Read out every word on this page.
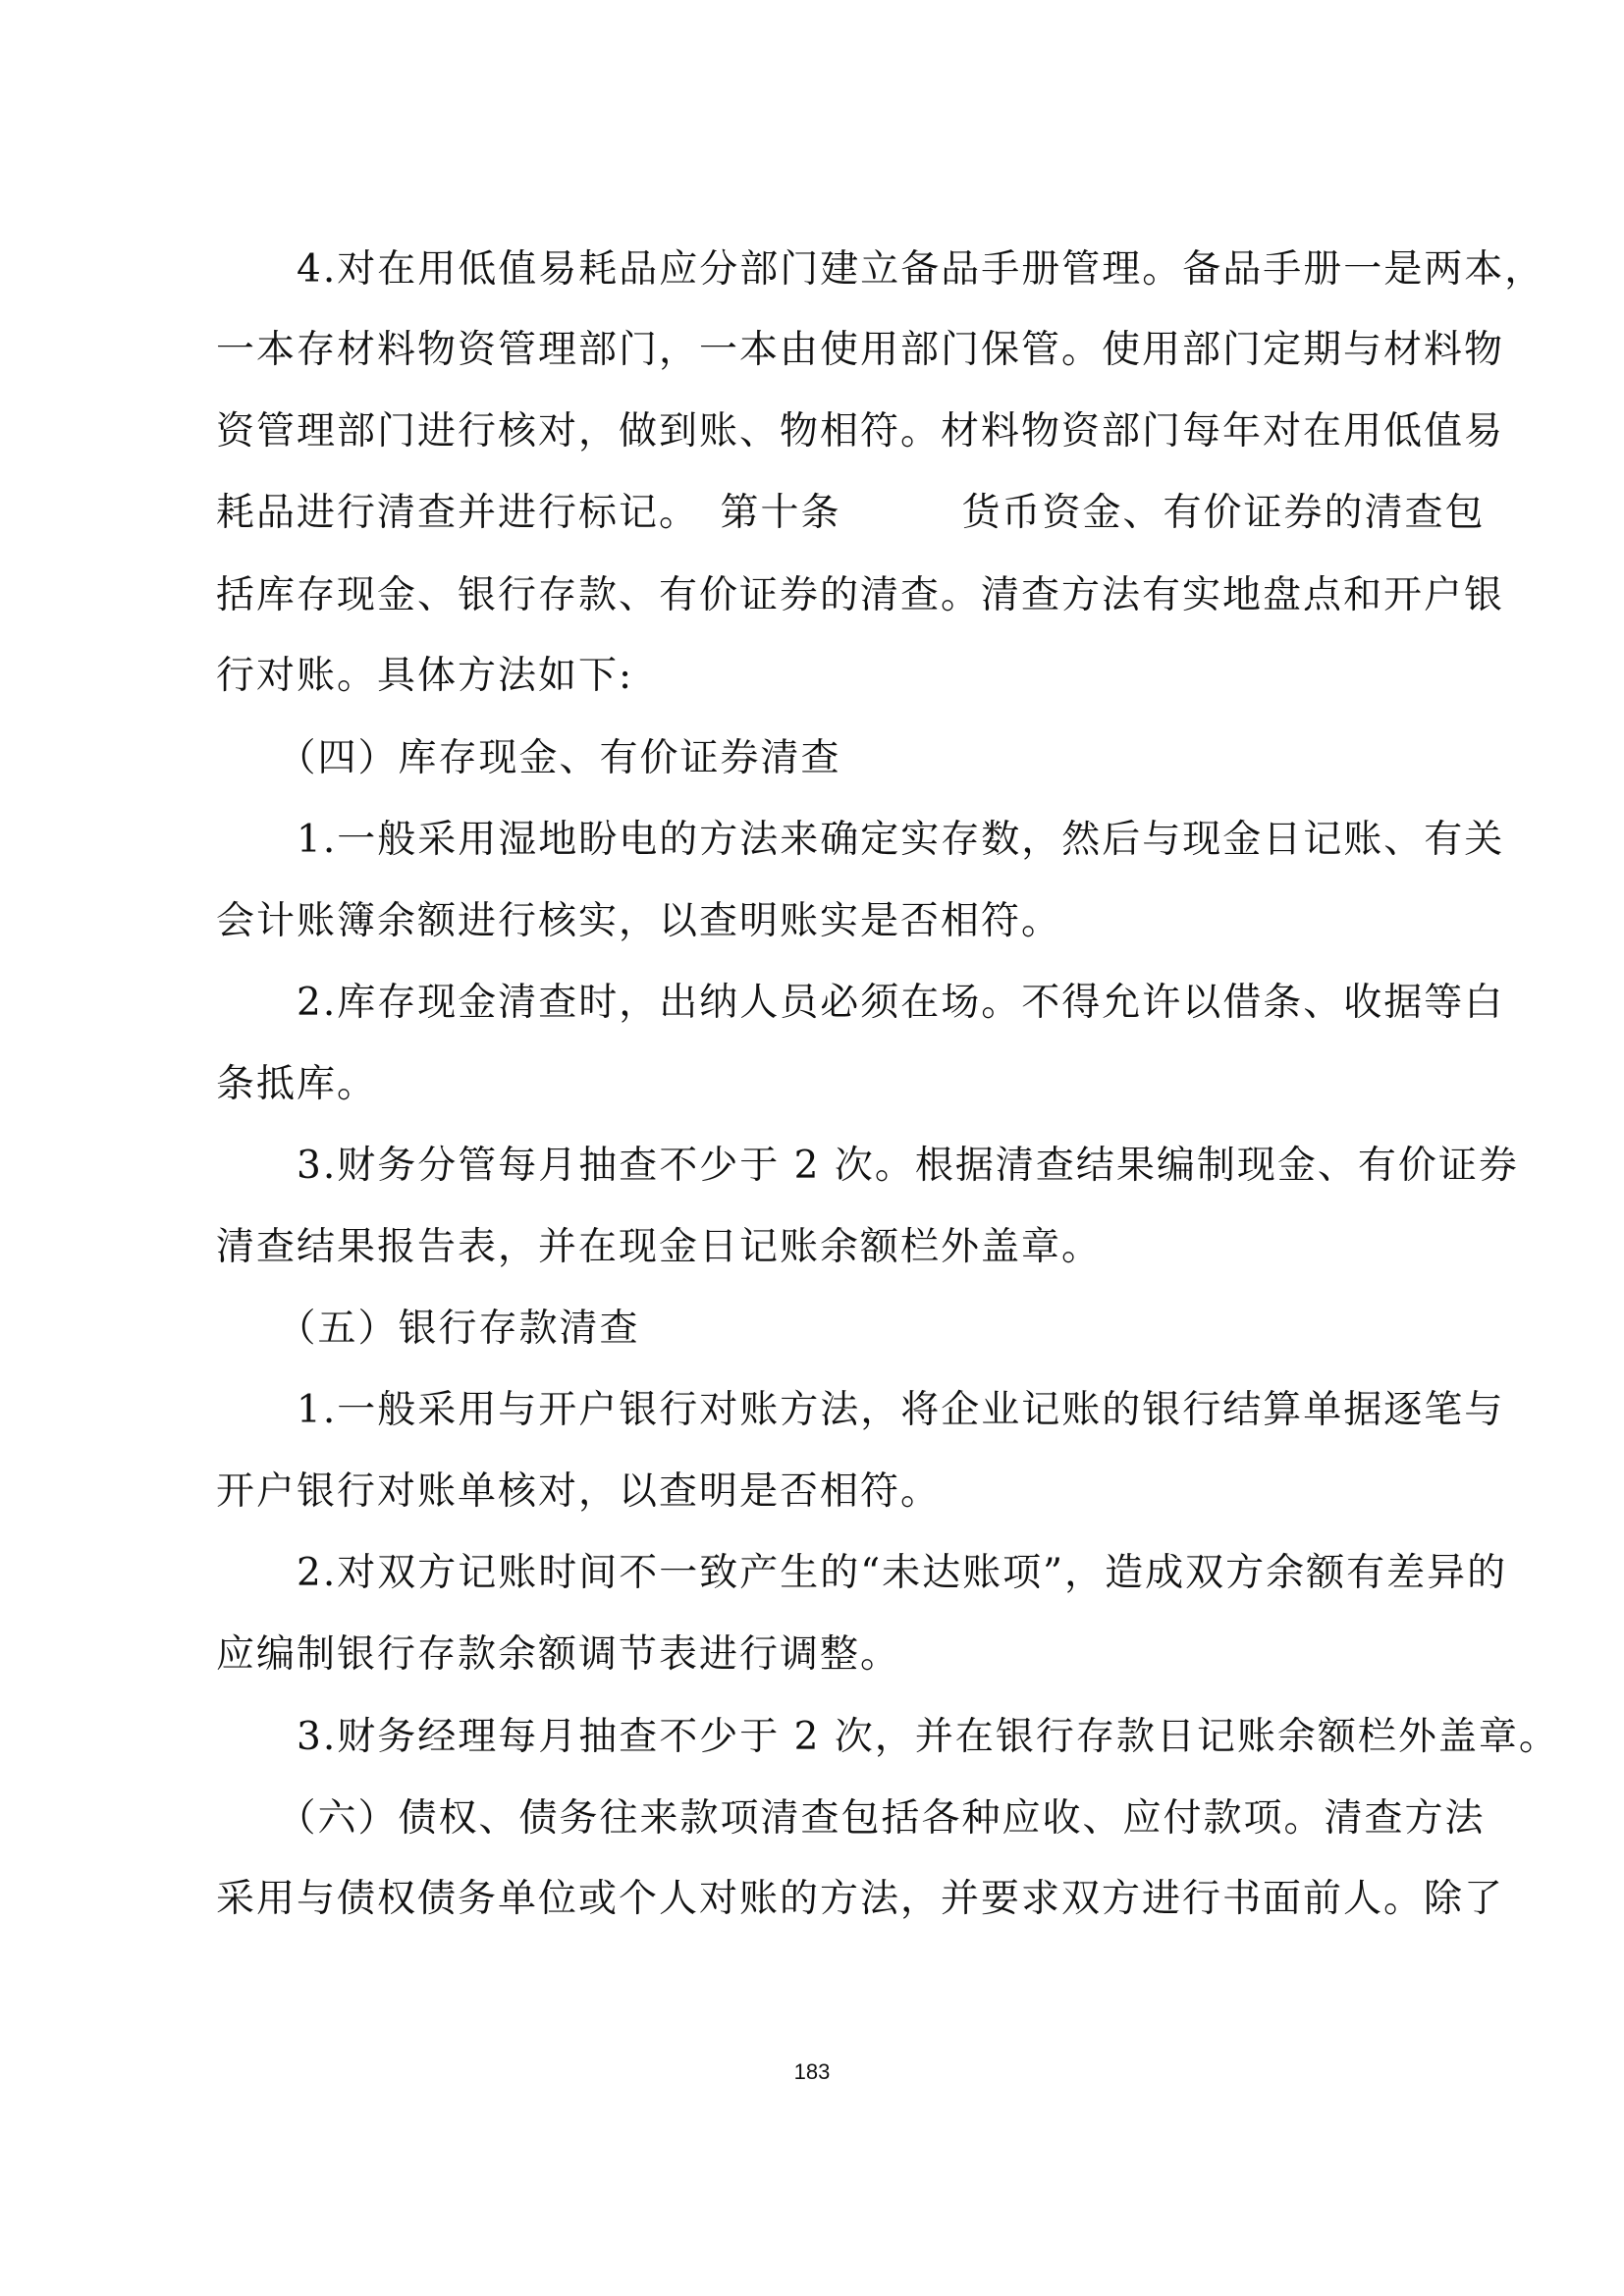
　　4.对在用低值易耗品应分部门建立备品手册管理。备品手册一是两本，
一本存材料物资管理部门，一本由使用部门保管。使用部门定期与材料物
资管理部门进行核对，做到账、物相符。材料物资部门每年对在用低值易
耗品进行清查并进行标记。　第十条　　　货币资金、有价证券的清查包
括库存现金、银行存款、有价证券的清查。清查方法有实地盘点和开户银
行对账。具体方法如下:
　　（四）库存现金、有价证券清查
　　1.一般采用湿地盼电的方法来确定实存数，然后与现金日记账、有关
会计账簿余额进行核实，以查明账实是否相符。
　　2.库存现金清查时，出纳人员必须在场。不得允许以借条、收据等白
条抵库。
　　3.财务分管每月抽查不少于 2 次。根据清查结果编制现金、有价证券
清查结果报告表，并在现金日记账余额栏外盖章。
　　（五）银行存款清查
　　1.一般采用与开户银行对账方法，将企业记账的银行结算单据逐笔与
开户银行对账单核对，以查明是否相符。
　　2.对双方记账时间不一致产生的“未达账项”，造成双方余额有差异的
应编制银行存款余额调节表进行调整。
　　3.财务经理每月抽查不少于 2 次，并在银行存款日记账余额栏外盖章。
　　（六）债权、债务往来款项清查包括各种应收、应付款项。清查方法
采用与债权债务单位或个人对账的方法，并要求双方进行书面前人。除了
183
